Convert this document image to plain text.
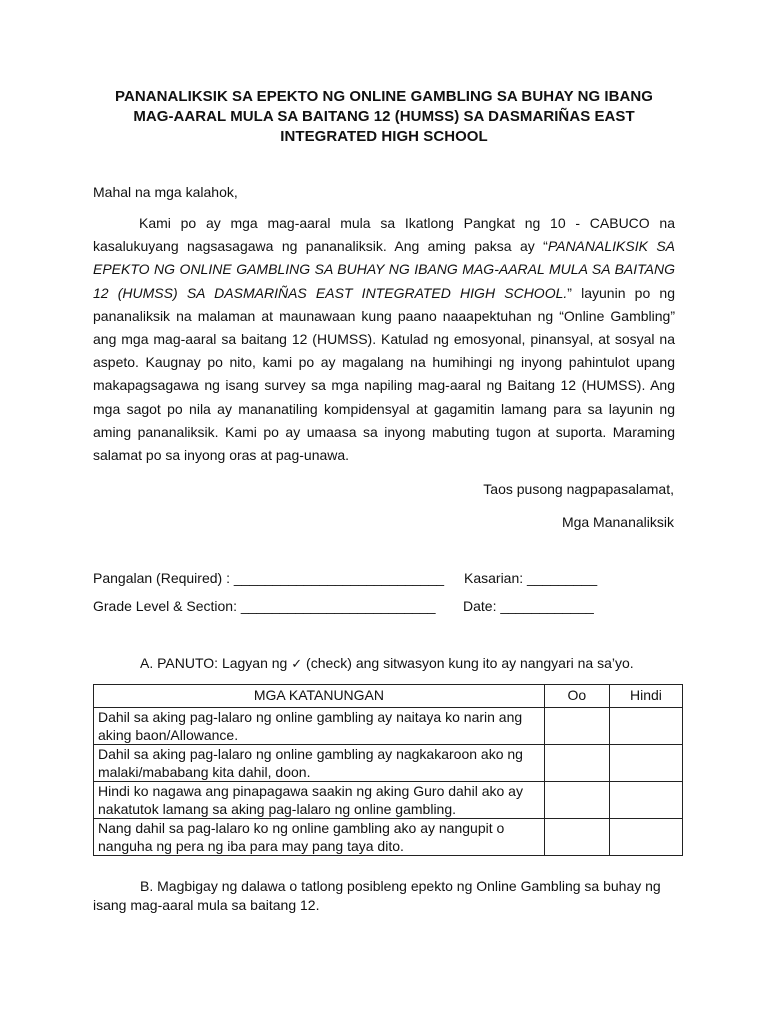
PANANALIKSIK SA EPEKTO NG ONLINE GAMBLING SA BUHAY NG IBANG
MAG-AARAL MULA SA BAITANG 12 (HUMSS) SA DASMARIÑAS EAST
INTEGRATED HIGH SCHOOL
Mahal na mga kalahok,
Kami po ay mga mag-aaral mula sa Ikatlong Pangkat ng 10 - CABUCO na
kasalukuyang nagsasagawa ng pananaliksik. Ang aming paksa ay “PANANALIKSIK SA
EPEKTO NG ONLINE GAMBLING SA BUHAY NG IBANG MAG-AARAL MULA SA BAITANG
12 (HUMSS) SA DASMARIÑAS EAST INTEGRATED HIGH SCHOOL.” layunin po ng
pananaliksik na malaman at maunawaan kung paano naaapektuhan ng “Online Gambling”
ang mga mag-aaral sa baitang 12 (HUMSS). Katulad ng emosyonal, pinansyal, at sosyal na
aspeto. Kaugnay po nito, kami po ay magalang na humihingi ng inyong pahintulot upang
makapagsagawa ng isang survey sa mga napiling mag-aaral ng Baitang 12 (HUMSS). Ang
mga sagot po nila ay mananatiling kompidensyal at gagamitin lamang para sa layunin ng
aming pananaliksik. Kami po ay umaasa sa inyong mabuting tugon at suporta. Maraming
salamat po sa inyong oras at pag-unawa.
Taos pusong nagpapasalamat,
Mga Mananaliksik
Pangalan (Required) : ___________________________ Kasarian: _________
Grade Level & Section: _________________________ Date: ____________
A. PANUTO: Lagyan ng ✓ (check) ang sitwasyon kung ito ay nangyari na sa’yo.
MGA KATANUNGAN	Oo	Hindi

Dahil sa aking pag-lalaro ng online gambling ay naitaya ko narin ang
aking baon/Allowance.		

Dahil sa aking pag-lalaro ng online gambling ay nagkakaroon ako ng
malaki/mababang kita dahil, doon.		

Hindi ko nagawa ang pinapagawa saakin ng aking Guro dahil ako ay
nakatutok lamang sa aking pag-lalaro ng online gambling.		

Nang dahil sa pag-lalaro ko ng online gambling ako ay nangupit o
nanguha ng pera ng iba para may pang taya dito.		

B. Magbigay ng dalawa o tatlong posibleng epekto ng Online Gambling sa buhay ng
isang mag-aaral mula sa baitang 12.
